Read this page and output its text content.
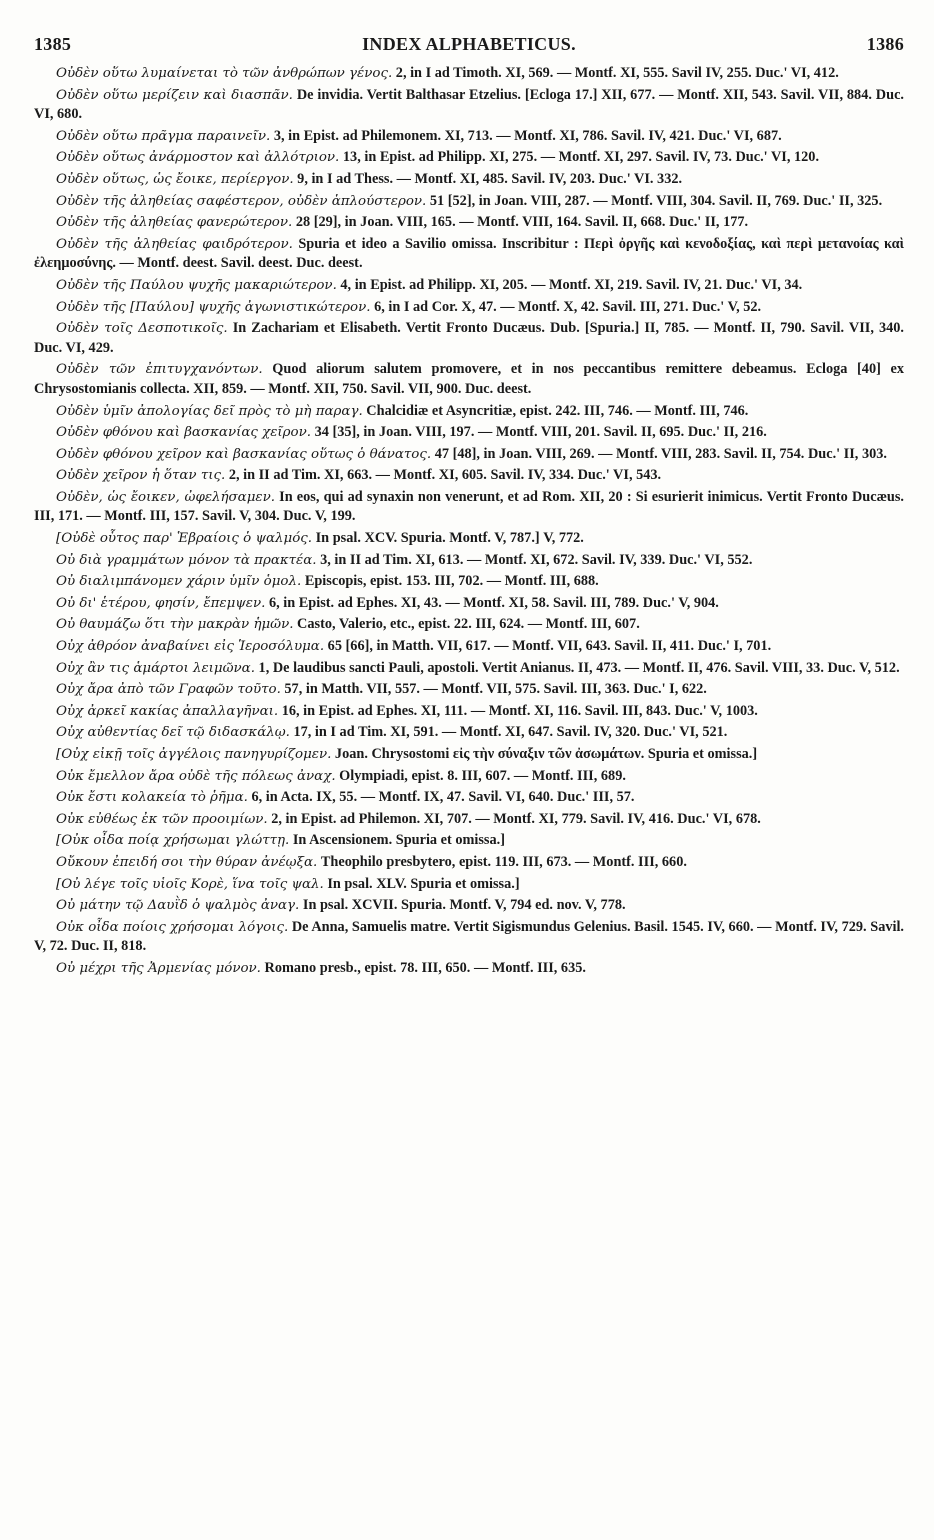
1385	INDEX ALPHABETICUS.	1386

Οὐδὲν οὕτω λυμαίνεται τὸ τῶν ἀνθρώπων γένος. 2, in I ad Timoth. XI, 569. — Montf. XI, 555. Savil IV, 255. Duc.' VI, 412.

Οὐδὲν οὕτω μερίζειν καὶ διασπᾶν. De invidia. Vertit Balthasar Etzelius. [Ecloga 17.] XII, 677. — Montf. XII, 543. Savil. VII, 884. Duc. VI, 680.

Οὐδὲν οὕτω πρᾶγμα παραινεῖν. 3, in Epist. ad Philemonem. XI, 713. — Montf. XI, 786. Savil. IV, 421. Duc.' VI, 687.

Οὐδὲν οὕτως ἀνάρμοστον καὶ ἀλλότριον. 13, in Epist. ad Philipp. XI, 275. — Montf. XI, 297. Savil. IV, 73. Duc.' VI, 120.

Οὐδὲν οὕτως, ὡς ἔοικε, περίεργον. 9, in I ad Thess. — Montf. XI, 485. Savil. IV, 203. Duc.' VI. 332.

Οὐδὲν τῆς ἀληθείας σαφέστερον, οὐδὲν ἁπλούστερον. 51 [52], in Joan. VIII, 287. — Montf. VIII, 304. Savil. II, 769. Duc.' II, 325.

Οὐδὲν τῆς ἀληθείας φανερώτερον. 28 [29], in Joan. VIII, 165. — Montf. VIII, 164. Savil. II, 668. Duc.' II, 177.

Οὐδὲν τῆς ἀληθείας φαιδρότερον. Spuria et ideo a Savilio omissa. Inscribitur : Περὶ ὀργῆς καὶ κενοδοξίας, καὶ περὶ μετανοίας καὶ ἐλεημοσύνης. — Montf. deest. Savil. deest. Duc. deest.

Οὐδὲν τῆς Παύλου ψυχῆς μακαριώτερον. 4, in Epist. ad Philipp. XI, 205. — Montf. XI, 219. Savil. IV, 21. Duc.' VI, 34.

Οὐδὲν τῆς [Παύλου] ψυχῆς ἀγωνιστικώτερον. 6, in I ad Cor. X, 47. — Montf. X, 42. Savil. III, 271. Duc.' V, 52.

Οὐδὲν τοῖς Δεσποτικοῖς. In Zachariam et Elisabeth. Vertit Fronto Ducæus. Dub. [Spuria.] II, 785. — Montf. II, 790. Savil. VII, 340. Duc. VI, 429.

Οὐδὲν τῶν ἐπιτυγχανόντων. Quod aliorum salutem promovere, et in nos peccantibus remittere debeamus. Ecloga [40] ex Chrysostomianis collecta. XII, 859. — Montf. XII, 750. Savil. VII, 900. Duc. deest.

Οὐδὲν ὑμῖν ἀπολογίας δεῖ πρὸς τὸ μὴ παραγ. Chalcidiæ et Asyncritiæ, epist. 242. III, 746. — Montf. III, 746.

Οὐδὲν φθόνου καὶ βασκανίας χεῖρον. 34 [35], in Joan. VIII, 197. — Montf. VIII, 201. Savil. II, 695. Duc.' II, 216.

Οὐδὲν φθόνου χεῖρον καὶ βασκανίας οὕτως ὁ θάνατος. 47 [48], in Joan. VIII, 269. — Montf. VIII, 283. Savil. II, 754. Duc.' II, 303.

Οὐδὲν χεῖρον ἡ ὅταν τις. 2, in II ad Tim. XI, 663. — Montf. XI, 605. Savil. IV, 334. Duc.' VI, 543.

Οὐδὲν, ὡς ἔοικεν, ὠφελήσαμεν. In eos, qui ad synaxin non venerunt, et ad Rom. XII, 20 : Si esurierit inimicus. Vertit Fronto Ducæus. III, 171. — Montf. III, 157. Savil. V, 304. Duc. V, 199.

[Οὐδὲ οὗτος παρ' Ἑβραίοις ὁ ψαλμός. In psal. XCV. Spuria. Montf. V, 787.] V, 772.

Οὐ διὰ γραμμάτων μόνον τὰ πρακτέα. 3, in II ad Tim. XI, 613. — Montf. XI, 672. Savil. IV, 339. Duc.' VI, 552.

Οὐ διαλιμπάνομεν χάριν ὑμῖν ὁμολ. Episcopis, epist. 153. III, 702. — Montf. III, 688.

Οὐ δι' ἑτέρου, φησίν, ἔπεμψεν. 6, in Epist. ad Ephes. XI, 43. — Montf. XI, 58. Savil. III, 789. Duc.' V, 904.

Οὐ θαυμάζω ὅτι τὴν μακρὰν ἡμῶν. Casto, Valerio, etc., epist. 22. III, 624. — Montf. III, 607.

Οὐχ ἀθρόον ἀναβαίνει εἰς Ἱεροσόλυμα. 65 [66], in Matth. VII, 617. — Montf. VII, 643. Savil. II, 411. Duc.' I, 701.

Οὐχ ἂν τις ἁμάρτοι λειμῶνα. 1, De laudibus sancti Pauli, apostoli. Vertit Anianus. II, 473. — Montf. II, 476. Savil. VIII, 33. Duc. V, 512.

Οὐχ ἄρα ἀπὸ τῶν Γραφῶν τοῦτο. 57, in Matth. VII, 557. — Montf. VII, 575. Savil. III, 363. Duc.' I, 622.

Οὐχ ἀρκεῖ κακίας ἀπαλλαγῆναι. 16, in Epist. ad Ephes. XI, 111. — Montf. XI, 116. Savil. III, 843. Duc.' V, 1003.

Οὐχ αὐθεντίας δεῖ τῷ διδασκάλῳ. 17, in I ad Tim. XI, 591. — Montf. XI, 647. Savil. IV, 320. Duc.' VI, 521.

[Οὐχ εἰκῇ τοῖς ἀγγέλοις πανηγυρίζομεν. Joan. Chrysostomi εἰς τὴν σύναξιν τῶν ἀσωμάτων. Spuria et omissa.]

Οὐκ ἔμελλον ἄρα οὐδὲ τῆς πόλεως ἀναχ. Olympiadi, epist. 8. III, 607. — Montf. III, 689.

Οὐκ ἔστι κολακεία τὸ ῥῆμα. 6, in Acta. IX, 55. — Montf. IX, 47. Savil. VI, 640. Duc.' III, 57.

Οὐκ εὐθέως ἐκ τῶν προοιμίων. 2, in Epist. ad Philemon. XI, 707. — Montf. XI, 779. Savil. IV, 416. Duc.' VI, 678.

[Οὐκ οἶδα ποίᾳ χρήσωμαι γλώττῃ. In Ascensionem. Spuria et omissa.]

Οὔκουν ἐπειδή σοι τὴν θύραν ἀνέῳξα. Theophilo presbytero, epist. 119. III, 673. — Montf. III, 660.

[Οὐ λέγε τοῖς υἱοῖς Κορὲ, ἵνα τοῖς ψαλ. In psal. XLV. Spuria et omissa.]

Οὐ μάτην τῷ Δαυῒδ ὁ ψαλμὸς ἀναγ. In psal. XCVII. Spuria. Montf. V, 794 ed. nov. V, 778.

Οὐκ οἶδα ποίοις χρήσομαι λόγοις. De Anna, Samuelis matre. Vertit Sigismundus Gelenius. Basil. 1545. IV, 660. — Montf. IV, 729. Savil. V, 72. Duc. II, 818.

Οὐ μέχρι τῆς Ἀρμενίας μόνον. Romano presb., epist. 78. III, 650. — Montf. III, 635.
